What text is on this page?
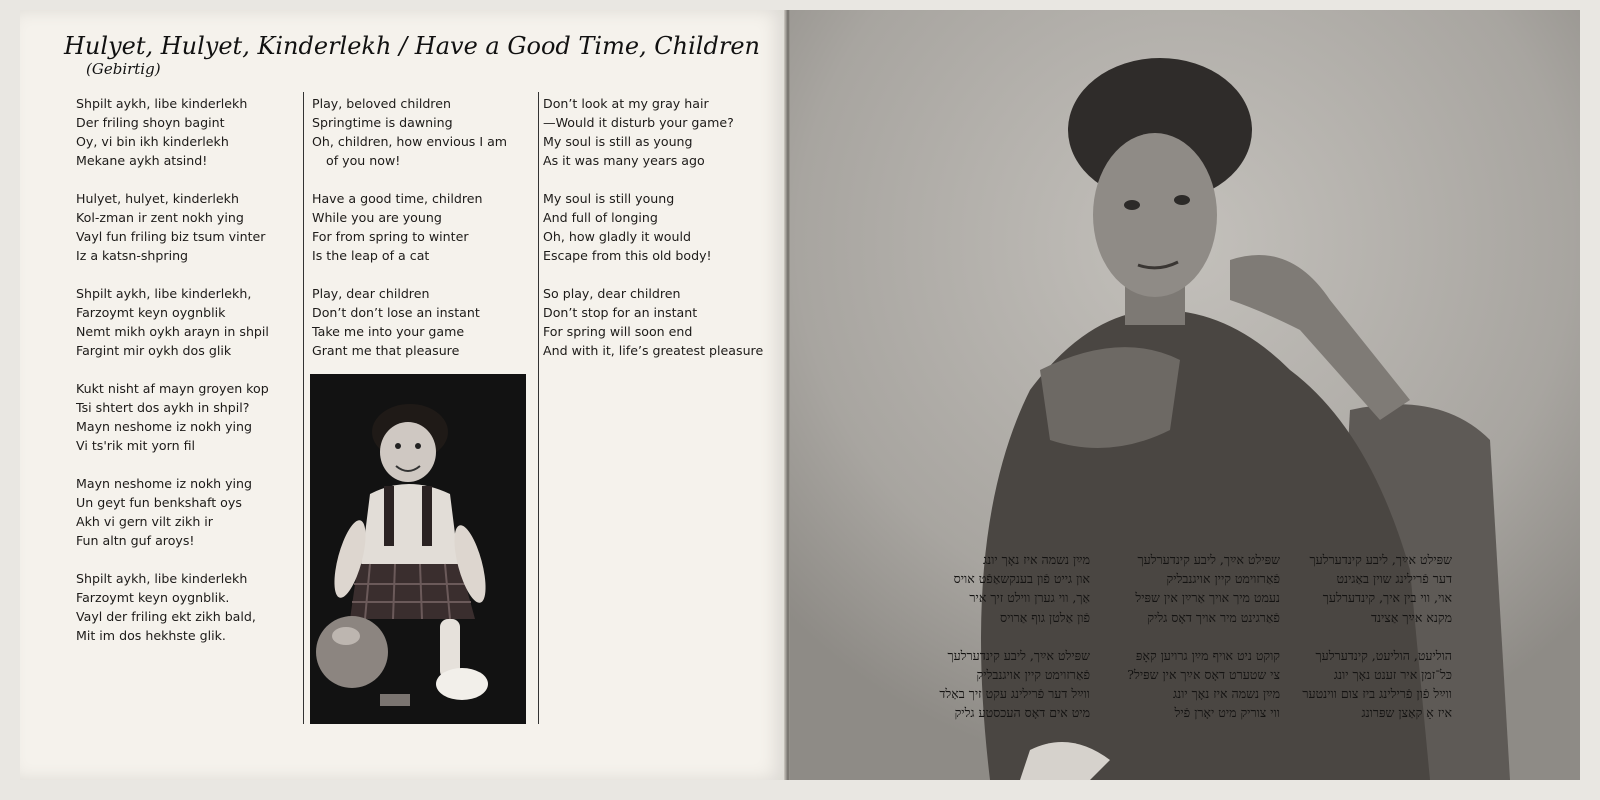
Hulyet, Hulyet, Kinderlekh / Have a Good Time, Children
(Gebirtig)
Shpilt aykh, libe kinderlekh
Der friling shoyn bagint
Oy, vi bin ikh kinderlekh
Mekane aykh atsind!
Hulyet, hulyet, kinderlekh
Kol-zman ir zent nokh ying
Vayl fun friling biz tsum vinter
Iz a katsn-shpring
Shpilt aykh, libe kinderlekh,
Farzoymt keyn oygnblik
Nemt mikh oykh arayn in shpil
Fargint mir oykh dos glik
Kukt nisht af mayn groyen kop
Tsi shtert dos aykh in shpil?
Mayn neshome iz nokh ying
Vi ts'rik mit yorn fil
Mayn neshome iz nokh ying
Un geyt fun benkshaft oys
Akh vi gern vilt zikh ir
Fun altn guf aroys!
Shpilt aykh, libe kinderlekh
Farzoymt keyn oygnblik.
Vayl der friling ekt zikh bald,
Mit im dos hekhste glik.
Play, beloved children
Springtime is dawning
Oh, children, how envious I am
of you now!
Have a good time, children
While you are young
For from spring to winter
Is the leap of a cat
Play, dear children
Don’t don’t lose an instant
Take me into your game
Grant me that pleasure
Don’t look at my gray hair
—Would it disturb your game?
My soul is still as young
As it was many years ago
My soul is still young
And full of longing
Oh, how gladly it would
Escape from this old body!
So play, dear children
Don’t stop for an instant
For spring will soon end
And with it, life’s greatest pleasure
שפּילט אײַך, ליבע קינדערלעך
דער פֿרילינג שוין באַגינט
אוי, ווי בין איך, קינדערלעך
מקנא אײַך אַצינד
הוליעט, הוליעט, קינדערלעך
כּל־זמן איר זענט נאָך יונג
ווײַל פֿון פֿרילינג ביז צום ווינטער
איז אַ קאַצן שפּרונג
שפּילט אײַך, ליבע קינדערלעך
פֿאַרזוימט קיין אויגנבליק
נעמט מיך אויך אַרײַן אין שפּיל
פֿאַרגינט מיר אויך דאָס גליק
קוקט ניט אויף מײַן גרויען קאָפּ
צי שטערט דאָס אײַך אין שפּיל?
מײַן נשמה איז נאָך יונג
ווי צוריק מיט יאָרן פֿיל
מײַן נשמה איז נאָך יונג
און גייט פֿון בענקשאַפֿט אויס
אַך, ווי גערן ווילט זיך איר
פֿון אַלטן גוף אַרויס
שפּילט אײַך, ליבע קינדערלעך
פֿאַרזוימט קיין אויגנבליק
ווײַל דער פֿרילינג עקט זיך באַלד
מיט אים דאָס העכסטע גליק
